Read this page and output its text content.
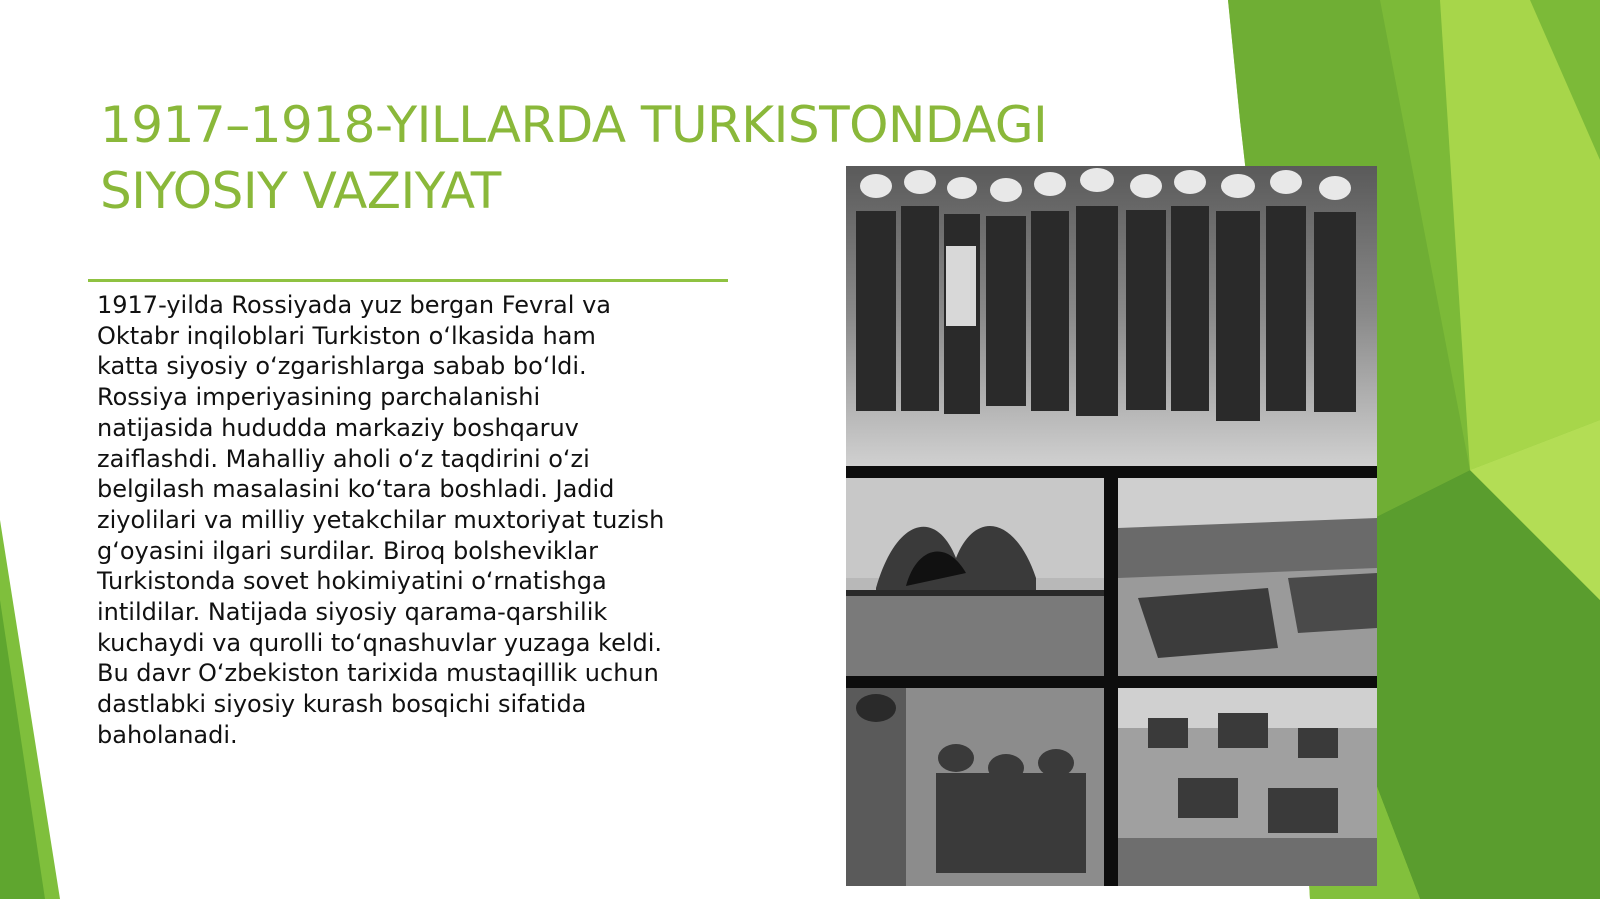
1917–1918-YILLARDA TURKISTONDAGI
SIYOSIY VAZIYAT
1917-yilda Rossiyada yuz bergan Fevral va
Oktabr inqiloblari Turkiston o‘lkasida ham
katta siyosiy o‘zgarishlarga sabab bo‘ldi.
Rossiya imperiyasining parchalanishi
natijasida hududda markaziy boshqaruv
zaiflashdi. Mahalliy aholi o‘z taqdirini o‘zi
belgilash masalasini ko‘tara boshladi. Jadid
ziyolilari va milliy yetakchilar muxtoriyat tuzish
g‘oyasini ilgari surdilar. Biroq bolsheviklar
Turkistonda sovet hokimiyatini o‘rnatishga
intildilar. Natijada siyosiy qarama-qarshilik
kuchaydi va qurolli to‘qnashuvlar yuzaga keldi.
Bu davr O‘zbekiston tarixida mustaqillik uchun
dastlabki siyosiy kurash bosqichi sifatida
baholanadi.
